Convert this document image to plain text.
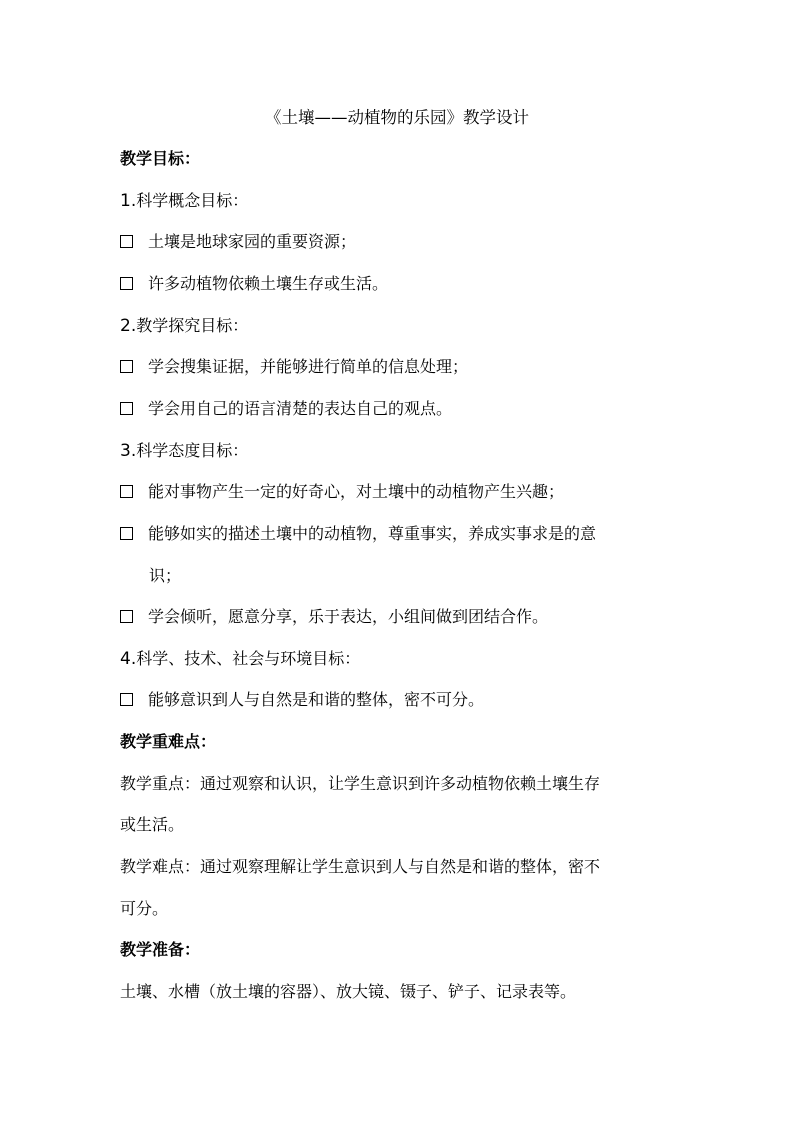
《土壤——动植物的乐园》教学设计
教学目标：
1.科学概念目标：
土壤是地球家园的重要资源；
许多动植物依赖土壤生存或生活。
2.教学探究目标：
学会搜集证据，并能够进行简单的信息处理；
学会用自己的语言清楚的表达自己的观点。
3.科学态度目标：
能对事物产生一定的好奇心，对土壤中的动植物产生兴趣；
能够如实的描述土壤中的动植物，尊重事实，养成实事求是的意
识；
学会倾听，愿意分享，乐于表达，小组间做到团结合作。
4.科学、技术、社会与环境目标：
能够意识到人与自然是和谐的整体，密不可分。
教学重难点：
教学重点：通过观察和认识，让学生意识到许多动植物依赖土壤生存
或生活。
教学难点：通过观察理解让学生意识到人与自然是和谐的整体，密不
可分。
教学准备：
土壤、水槽（放土壤的容器）、放大镜、镊子、铲子、记录表等。
